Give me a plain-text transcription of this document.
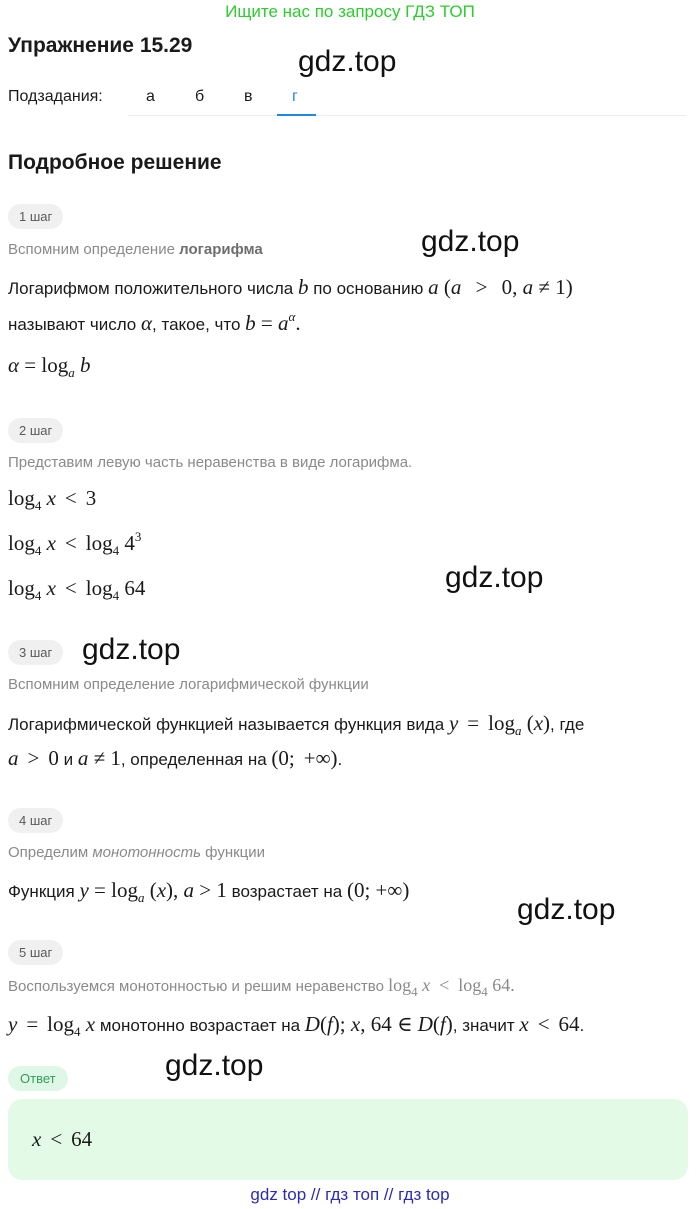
Ищите нас по запросу ГДЗ ТОП
Упражнение 15.29
Подзадания:	а	б в г
gdz.top
gdz.top
gdz.top
gdz.top
gdz.top
gdz.top
Подробное решение
1 шаг
Вспомним определение логарифма
Логарифмом положительного числа b по основанию a (a > 0, a ≠ 1)
называют число α, такое, что $b = a^\alpha$.
$\alpha = \log_a b$
2 шаг
Представим левую часть неравенства в виде логарифма.
$\log_4 x < 3$
$\log_4 x < \log_4 4^3$
$\log_4 x < \log_4 64$
3 шаг
Вспомним определение логарифмической функции
Логарифмической функцией называется функция вида $y = \log_a (x)$, где
a > 0 и a ≠ 1, определенная на (0; +∞).
4 шаг
Определим монотонность функции
Функция $y = \log_a (x)$, a > 1 возрастает на (0; +∞)
5 шаг
Воспользуемся монотонностью и решим неравенство $\log_4 x < \log_4 64$.
$y = \log_4 x$ монотонно возрастает на D(f); x, 64 ∈ D(f), значит x < 64.
Ответ
x < 64
gdz top // гдз топ // гдз top
